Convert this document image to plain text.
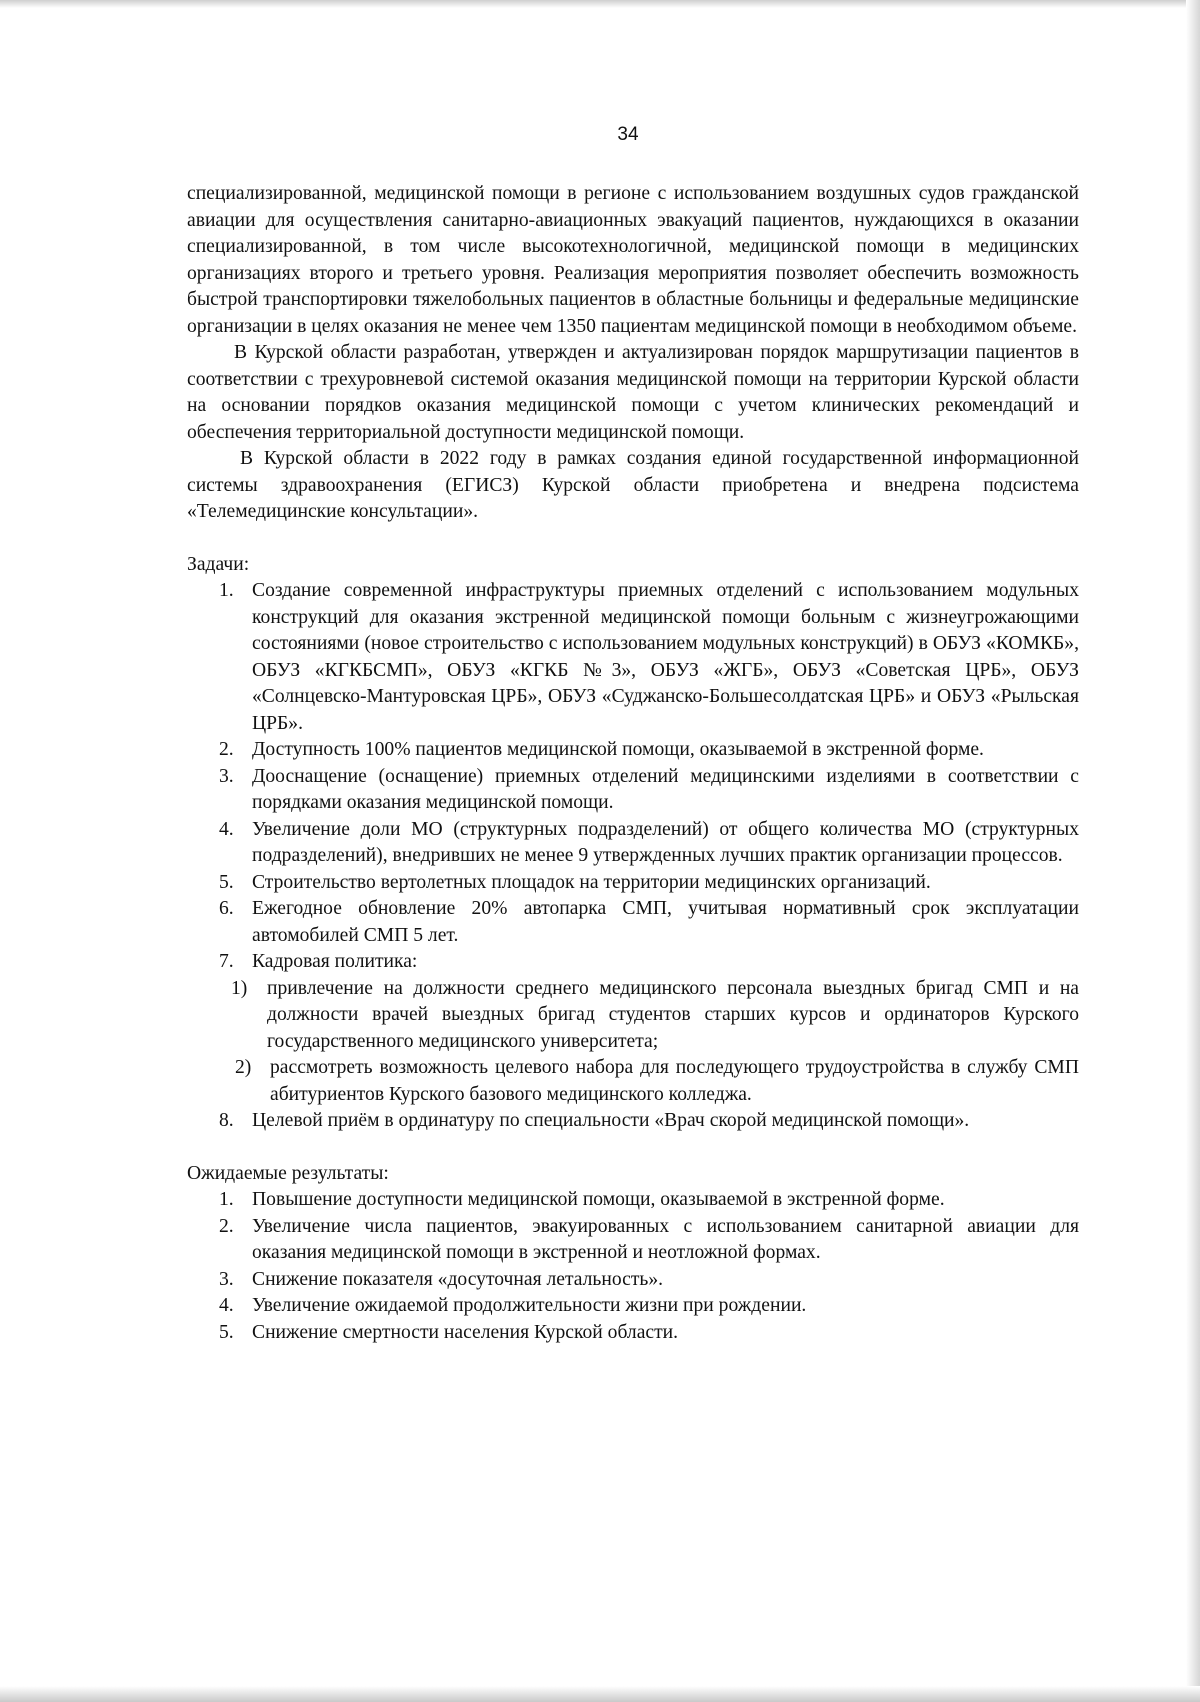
34

специализированной, медицинской помощи в регионе с использованием воздушных судов гражданской авиации для осуществления санитарно-авиационных эвакуаций пациентов, нуждающихся в оказании специализированной, в том числе высокотехнологичной, медицинской помощи в медицинских организациях второго и третьего уровня. Реализация мероприятия позволяет обеспечить возможность быстрой транспортировки тяжелобольных пациентов в областные больницы и федеральные медицинские организации в целях оказания не менее чем 1350 пациентам медицинской помощи в необходимом объеме.

В Курской области разработан, утвержден и актуализирован порядок маршрутизации пациентов в соответствии с трехуровневой системой оказания медицинской помощи на территории Курской области на основании порядков оказания медицинской помощи с учетом клинических рекомендаций и обеспечения территориальной доступности медицинской помощи.

В Курской области в 2022 году в рамках создания единой государственной информационной системы здравоохранения (ЕГИСЗ) Курской области приобретена и внедрена подсистема «Телемедицинские консультации».

Задачи:

1. Создание современной инфраструктуры приемных отделений с использованием модульных конструкций для оказания экстренной медицинской помощи больным с жизнеугрожающими состояниями (новое строительство с использованием модульных конструкций) в ОБУЗ «КОМКБ», ОБУЗ «КГКБСМП», ОБУЗ «КГКБ №3», ОБУЗ «ЖГБ», ОБУЗ «Советская ЦРБ», ОБУЗ «Солнцевско-Мантуровская ЦРБ», ОБУЗ «Суджанско-Большесолдатская ЦРБ» и ОБУЗ «Рыльская ЦРБ».
2. Доступность 100% пациентов медицинской помощи, оказываемой в экстренной форме.
3. Дооснащение (оснащение) приемных отделений медицинскими изделиями в соответствии с порядками оказания медицинской помощи.
4. Увеличение доли МО (структурных подразделений) от общего количества МО (структурных подразделений), внедривших не менее 9 утвержденных лучших практик организации процессов.
5. Строительство вертолетных площадок на территории медицинских организаций.
6. Ежегодное обновление 20% автопарка СМП, учитывая нормативный срок эксплуатации автомобилей СМП 5 лет.
7. Кадровая политика:
1) привлечение на должности среднего медицинского персонала выездных бригад СМП и на должности врачей выездных бригад студентов старших курсов и ординаторов Курского государственного медицинского университета;
2) рассмотреть возможность целевого набора для последующего трудоустройства в службу СМП абитуриентов Курского базового медицинского колледжа.
8. Целевой приём в ординатуру по специальности «Врач скорой медицинской помощи».

Ожидаемые результаты:

1. Повышение доступности медицинской помощи, оказываемой в экстренной форме.
2. Увеличение числа пациентов, эвакуированных с использованием санитарной авиации для оказания медицинской помощи в экстренной и неотложной формах.
3. Снижение показателя «досуточная летальность».
4. Увеличение ожидаемой продолжительности жизни при рождении.
5. Снижение смертности населения Курской области.
